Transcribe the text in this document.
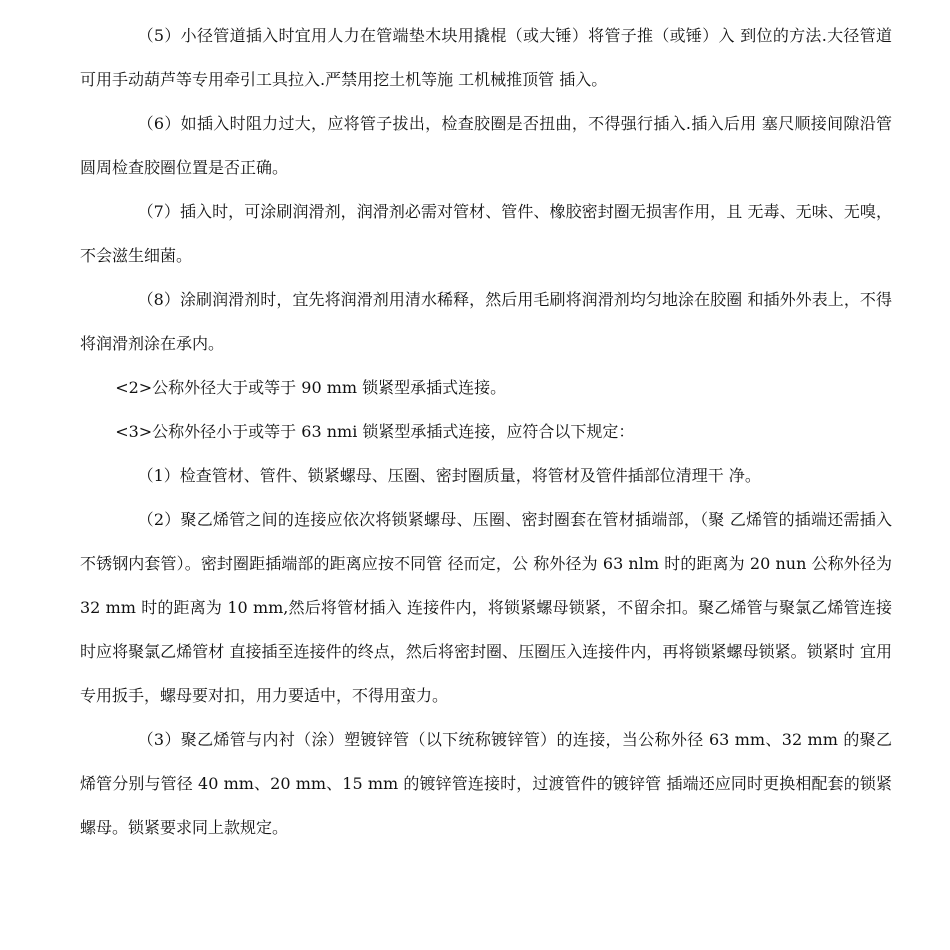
（5）小径管道插入时宜用人力在管端垫木块用撬棍（或大锤）将管子推（或锤）入 到位的方法.大径管道可用手动葫芦等专用牵引工具拉入.严禁用挖土机等施 工机械推顶管 插入。

（6）如插入时阻力过大，应将管子拔出，检查胶圈是否扭曲，不得强行插入.插入后用 塞尺顺接间隙沿管圆周检查胶圈位置是否正确。

（7）插入时，可涂刷润滑剂，润滑剂必需对管材、管件、橡胶密封圈无损害作用，且 无毒、无味、无嗅，不会滋生细菌。

（8）涂刷润滑剂时，宜先将润滑剂用清水稀释，然后用毛刷将润滑剂均匀地涂在胶圈 和插外外表上，不得将润滑剂涂在承内。

<2>公称外径大于或等于 90 mm 锁紧型承插式连接。

<3>公称外径小于或等于 63 nmi 锁紧型承插式连接，应符合以下规定：

（1）检查管材、管件、锁紧螺母、压圈、密封圈质量，将管材及管件插部位清理干 净。

（2）聚乙烯管之间的连接应依次将锁紧螺母、压圈、密封圈套在管材插端部，（聚 乙烯管的插端还需插入不锈钢内套管）。密封圈距插端部的距离应按不同管 径而定，公 称外径为 63 nlm 时的距离为 20 nun 公称外径为 32 mm 时的距离为 10 mm,然后将管材插入 连接件内，将锁紧螺母锁紧，不留余扣。聚乙烯管与聚氯乙烯管连接 时应将聚氯乙烯管材 直接插至连接件的终点，然后将密封圈、压圈压入连接件内，再将锁紧螺母锁紧。锁紧时 宜用专用扳手，螺母要对扣，用力要适中，不得用蛮力。

（3）聚乙烯管与内衬（涂）塑镀锌管（以下统称镀锌管）的连接，当公称外径 63 mm、32 mm 的聚乙烯管分别与管径 40 mm、20 mm、15 mm 的镀锌管连接时，过渡管件的镀锌管 插端还应同时更换相配套的锁紧螺母。锁紧要求同上款规定。
